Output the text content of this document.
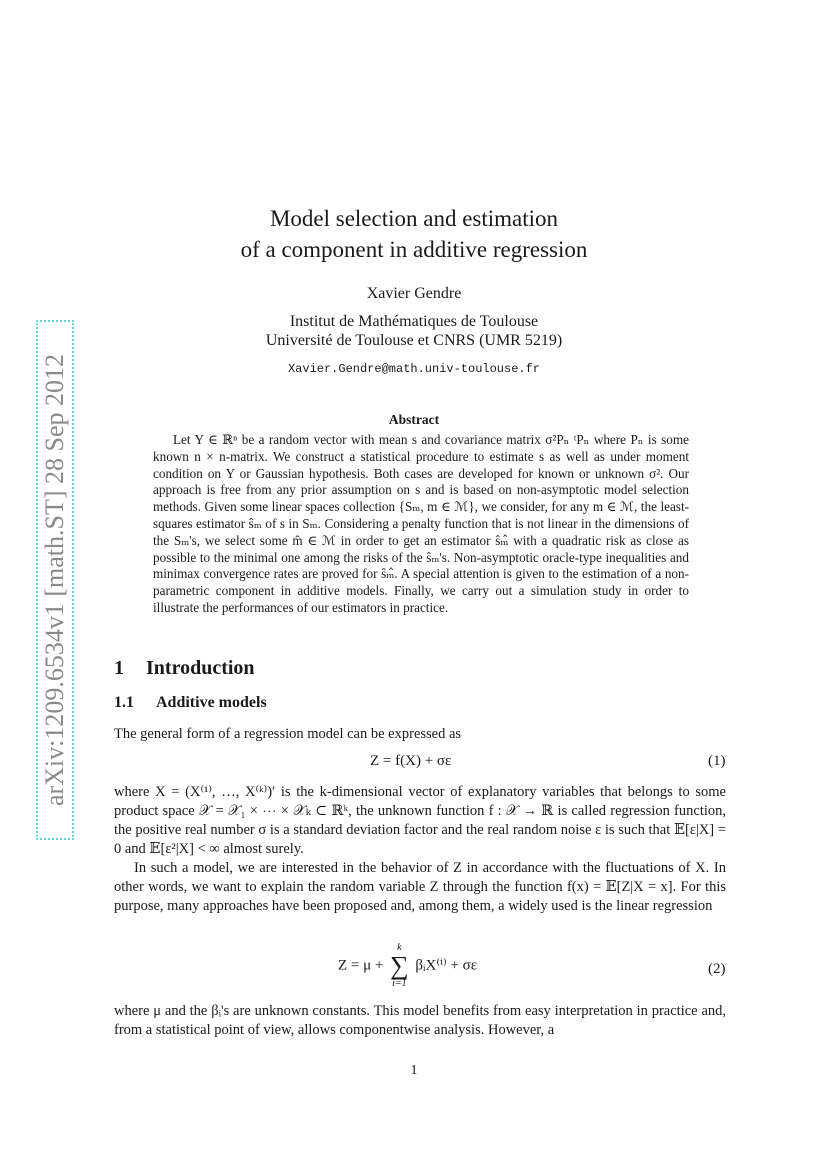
arXiv:1209.6534v1 [math.ST] 28 Sep 2012
Model selection and estimation
of a component in additive regression
Xavier Gendre
Institut de Mathématiques de Toulouse
Université de Toulouse et CNRS (UMR 5219)
Xavier.Gendre@math.univ-toulouse.fr
Abstract

Let Y ∈ ℝⁿ be a random vector with mean s and covariance matrix σ²Pₙ ᵗPₙ where Pₙ is some known n × n-matrix. We construct a statistical procedure to estimate s as well as under moment condition on Y or Gaussian hypothesis. Both cases are developed for known or unknown σ². Our approach is free from any prior assumption on s and is based on non-asymptotic model selection methods. Given some linear spaces collection {Sₘ, m ∈ ℳ}, we consider, for any m ∈ ℳ, the least-squares estimator ŝₘ of s in Sₘ. Considering a penalty function that is not linear in the dimensions of the Sₘ's, we select some m̂ ∈ ℳ in order to get an estimator ŝₘ̂ with a quadratic risk as close as possible to the minimal one among the risks of the ŝₘ's. Non-asymptotic oracle-type inequalities and minimax convergence rates are proved for ŝₘ̂. A special attention is given to the estimation of a non-parametric component in additive models. Finally, we carry out a simulation study in order to illustrate the performances of our estimators in practice.

1 Introduction
1.1 Additive models

The general form of a regression model can be expressed as

Z = f(X) + σε	(1)

where X = (X⁽¹⁾, …, X⁽ᵏ⁾)′ is the k-dimensional vector of explanatory variables that belongs to some product space 𝒳 = 𝒳₁ × ⋯ × 𝒳ₖ ⊂ ℝᵏ, the unknown function f : 𝒳 → ℝ is called regression function, the positive real number σ is a standard deviation factor and the real random noise ε is such that 𝔼[ε|X] = 0 and 𝔼[ε²|X] < ∞ almost surely.

In such a model, we are interested in the behavior of Z in accordance with the fluctuations of X. In other words, we want to explain the random variable Z through the function f(x) = 𝔼[Z|X = x]. For this purpose, many approaches have been proposed and, among them, a widely used is the linear regression

Z = μ +
k
∑
i=1
βᵢX⁽ⁱ⁾ + σε	(2)

where μ and the βᵢ's are unknown constants. This model benefits from easy interpretation in practice and, from a statistical point of view, allows componentwise analysis. However, a

1
